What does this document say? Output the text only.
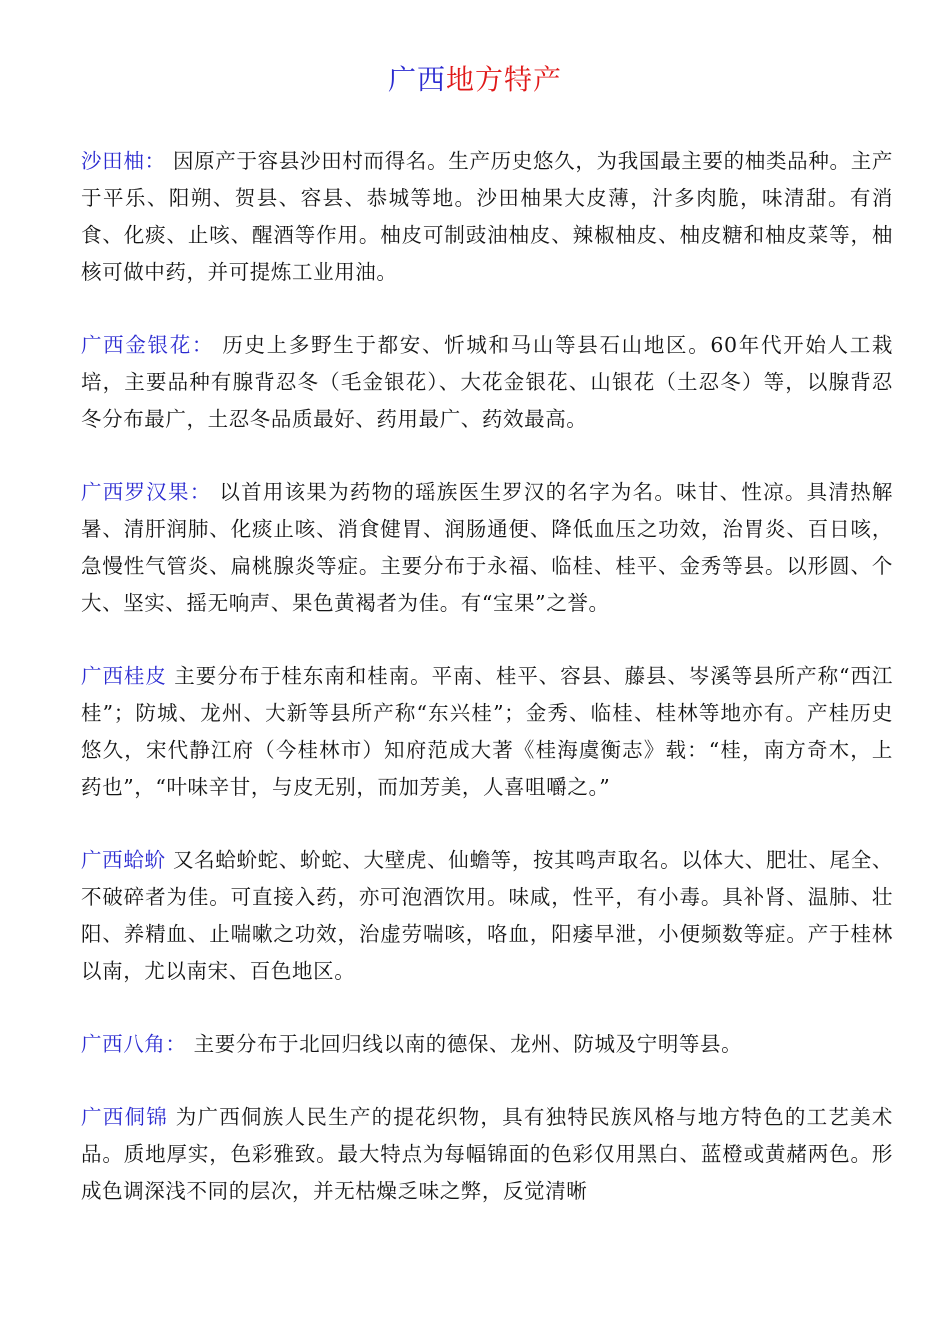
广西地方特产

沙田柚： 因原产于容县沙田村而得名。生产历史悠久，为我国最主要的柚类品种。主产于平乐、阳朔、贺县、容县、恭城等地。沙田柚果大皮薄，汁多肉脆，味清甜。有消食、化痰、止咳、醒酒等作用。柚皮可制豉油柚皮、辣椒柚皮、柚皮糖和柚皮菜等，柚核可做中药，并可提炼工业用油。

广西金银花： 历史上多野生于都安、忻城和马山等县石山地区。60年代开始人工栽培，主要品种有腺背忍冬（毛金银花）、大花金银花、山银花（土忍冬）等，以腺背忍冬分布最广，土忍冬品质最好、药用最广、药效最高。

广西罗汉果： 以首用该果为药物的瑶族医生罗汉的名字为名。味甘、性凉。具清热解暑、清肝润肺、化痰止咳、消食健胃、润肠通便、降低血压之功效，治胃炎、百日咳，急慢性气管炎、扁桃腺炎等症。主要分布于永福、临桂、桂平、金秀等县。以形圆、个大、坚实、摇无响声、果色黄褐者为佳。有“宝果”之誉。

广西桂皮 主要分布于桂东南和桂南。平南、桂平、容县、藤县、岑溪等县所产称“西江桂”；防城、龙州、大新等县所产称“东兴桂”；金秀、临桂、桂林等地亦有。产桂历史悠久，宋代静江府（今桂林市）知府范成大著《桂海虞衡志》载：“桂，南方奇木，上药也”，“叶味辛甘，与皮无别，而加芳美，人喜咀嚼之。”

广西蛤蚧 又名蛤蚧蛇、蚧蛇、大壁虎、仙蟾等，按其鸣声取名。以体大、肥壮、尾全、不破碎者为佳。可直接入药，亦可泡酒饮用。味咸，性平，有小毒。具补肾、温肺、壮阳、养精血、止喘嗽之功效，治虚劳喘咳，咯血，阳痿早泄，小便频数等症。产于桂林以南，尤以南宋、百色地区。

广西八角： 主要分布于北回归线以南的德保、龙州、防城及宁明等县。

广西侗锦 为广西侗族人民生产的提花织物，具有独特民族风格与地方特色的工艺美术品。质地厚实，色彩雅致。最大特点为每幅锦面的色彩仅用黑白、蓝橙或黄赭两色。形成色调深浅不同的层次，并无枯燥乏味之弊，反觉清晰
